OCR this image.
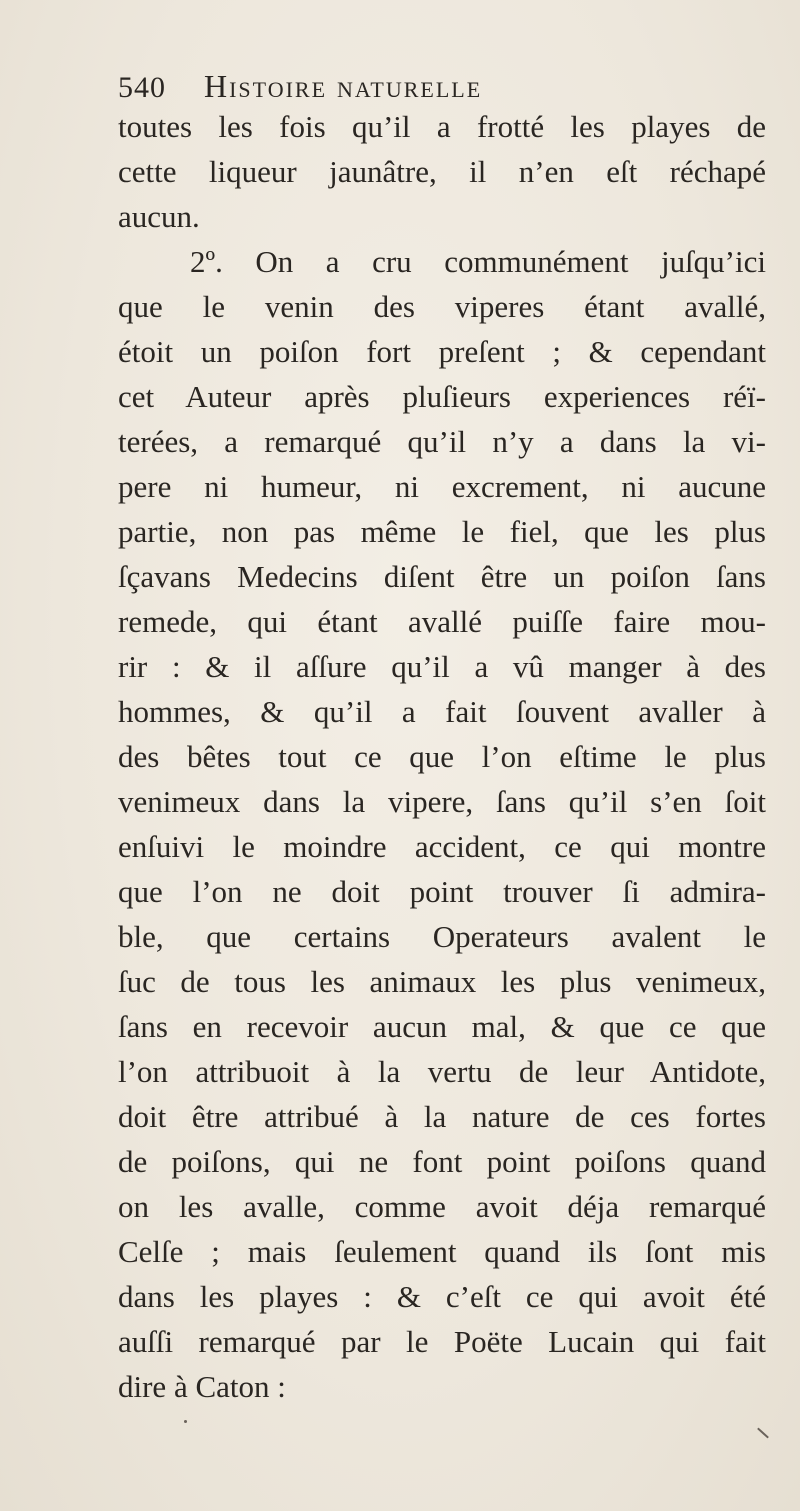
540 Histoire naturelle
toutes les fois qu’il a frotté les playes de
cette liqueur jaunâtre, il n’en eſt réchapé
aucun.
2º. On a cru communément juſqu’ici
que le venin des viperes étant avallé,
étoit un poiſon fort preſent ; & cependant
cet Auteur après pluſieurs experiences réï-
terées, a remarqué qu’il n’y a dans la vi-
pere ni humeur, ni excrement, ni aucune
partie, non pas même le fiel, que les plus
ſçavans Medecins diſent être un poiſon ſans
remede, qui étant avallé puiſſe faire mou-
rir : & il aſſure qu’il a vû manger à des
hommes, & qu’il a fait ſouvent avaller à
des bêtes tout ce que l’on eſtime le plus
venimeux dans la vipere, ſans qu’il s’en ſoit
enſuivi le moindre accident, ce qui montre
que l’on ne doit point trouver ſi admira-
ble, que certains Operateurs avalent le
ſuc de tous les animaux les plus venimeux,
ſans en recevoir aucun mal, & que ce que
l’on attribuoit à la vertu de leur Antidote,
doit être attribué à la nature de ces fortes
de poiſons, qui ne font point poiſons quand
on les avalle, comme avoit déja remarqué
Celſe ; mais ſeulement quand ils ſont mis
dans les playes : & c’eſt ce qui avoit été
auſſi remarqué par le Poëte Lucain qui fait
dire à Caton :
